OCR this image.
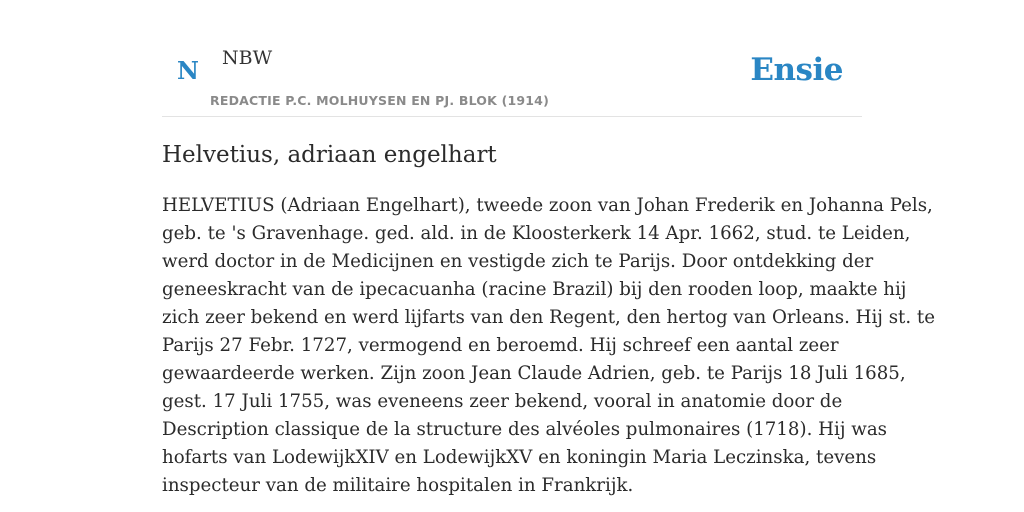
N NBW
REDACTIE P.C. MOLHUYSEN EN PJ. BLOK (1914)
Ensie
Helvetius, adriaan engelhart
HELVETIUS (Adriaan Engelhart), tweede zoon van Johan Frederik en Johanna Pels,
geb. te 's Gravenhage. ged. ald. in de Kloosterkerk 14 Apr. 1662, stud. te Leiden,
werd doctor in de Medicijnen en vestigde zich te Parijs. Door ontdekking der
geneeskracht van de ipecacuanha (racine Brazil) bij den rooden loop, maakte hij
zich zeer bekend en werd lijfarts van den Regent, den hertog van Orleans. Hij st. te
Parijs 27 Febr. 1727, vermogend en beroemd. Hij schreef een aantal zeer
gewaardeerde werken. Zijn zoon Jean Claude Adrien, geb. te Parijs 18 Juli 1685,
gest. 17 Juli 1755, was eveneens zeer bekend, vooral in anatomie door de
Description classique de la structure des alvéoles pulmonaires (1718). Hij was
hofarts van LodewijkXIV en LodewijkXV en koningin Maria Leczinska, tevens
inspecteur van de militaire hospitalen in Frankrijk.
